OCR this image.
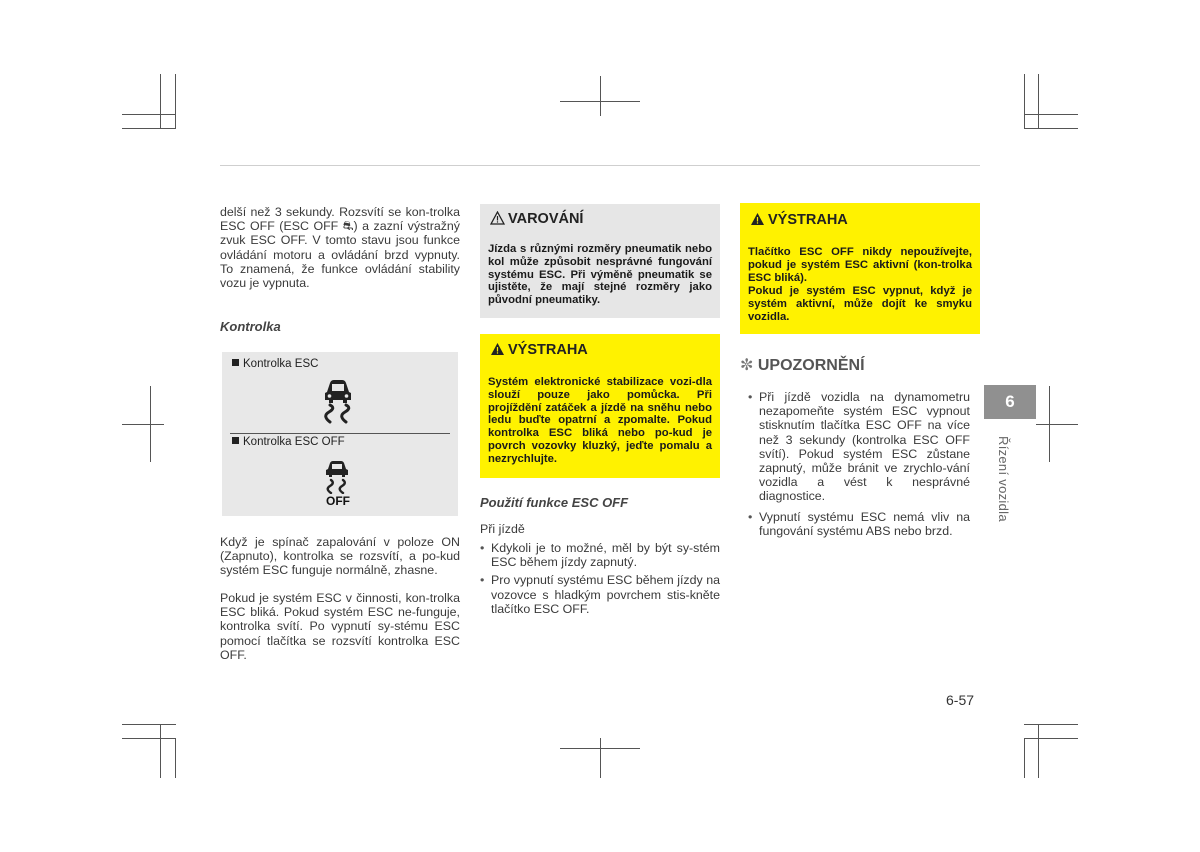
delší než 3 sekundy. Rozsvítí se kon-trolka ESC OFF (ESC OFF ⛐) a zazní výstražný zvuk ESC OFF. V tomto stavu jsou funkce ovládání motoru a ovládání brzd vypnuty. To znamená, že funkce ovládání stability vozu je vypnuta.

Kontrolka
Kontrolka ESC
Kontrolka ESC OFF
OFF

Když je spínač zapalování v poloze ON (Zapnuto), kontrolka se rozsvítí, a po-kud systém ESC funguje normálně, zhasne.

Pokud je systém ESC v činnosti, kon-trolka ESC bliká. Pokud systém ESC ne-funguje, kontrolka svítí. Po vypnutí sy-stému ESC pomocí tlačítka se rozsvítí kontrolka ESC OFF.

VAROVÁNÍ
Jízda s různými rozměry pneumatik nebo kol může způsobit nesprávné fungování systému ESC. Při výměně pneumatik se ujistěte, že mají stejné rozměry jako původní pneumatiky.
VÝSTRAHA
Systém elektronické stabilizace vozi-dla slouží pouze jako pomůcka. Při projíždění zatáček a jízdě na sněhu nebo ledu buďte opatrní a zpomalte. Pokud kontrolka ESC bliká nebo po-kud je povrch vozovky kluzký, jeďte pomalu a nezrychlujte.
Použití funkce ESC OFF
Při jízdě
• Kdykoli je to možné, měl by být sy-stém ESC během jízdy zapnutý.
• Pro vypnutí systému ESC během jízdy na vozovce s hladkým povrchem stis-kněte tlačítko ESC OFF.
VÝSTRAHA
Tlačítko ESC OFF nikdy nepoužívejte, pokud je systém ESC aktivní (kon-trolka ESC bliká).
Pokud je systém ESC vypnut, když je systém aktivní, může dojít ke smyku vozidla.
✼ UPOZORNĚNÍ
• Při jízdě vozidla na dynamometru nezapomeňte systém ESC vypnout stisknutím tlačítka ESC OFF na více než 3 sekundy (kontrolka ESC OFF svítí). Pokud systém ESC zůstane zapnutý, může bránit ve zrychlo-vání vozidla a vést k nesprávné diagnostice.
• Vypnutí systému ESC nemá vliv na fungování systému ABS nebo brzd.
6
Řízení vozidla
6-57
